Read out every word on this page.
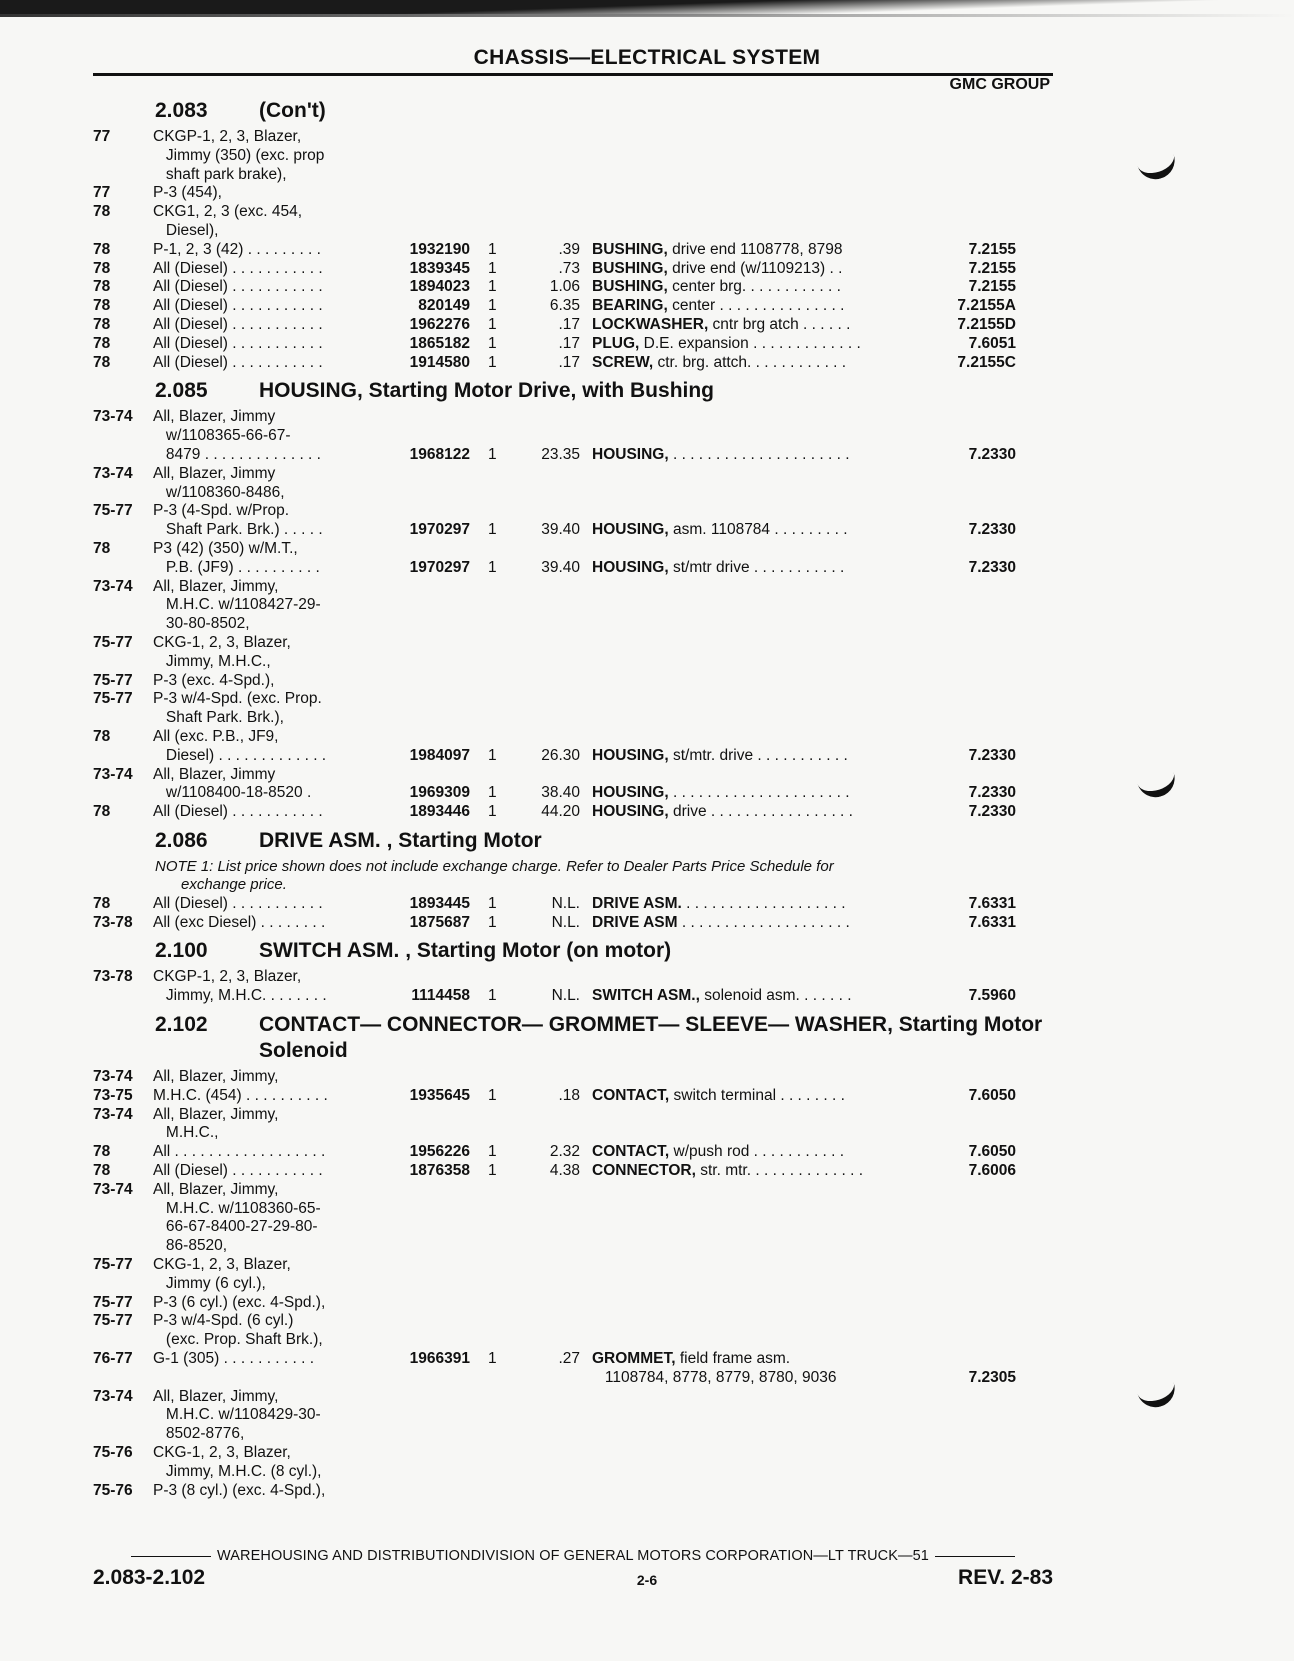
CHASSIS—ELECTRICAL SYSTEM
GMC GROUP
2.083	(Con't)
77	CKGP-1, 2, 3, Blazer,
Jimmy (350) (exc. prop
shaft park brake),
77	P-3 (454),
78	CKG1, 2, 3 (exc. 454,
Diesel),
78	P-1, 2, 3 (42) . . . . . . . . .	1932190	1	.39 BUSHING, drive end 1108778, 8798	7.2155
78	All (Diesel) . . . . . . . . . . .	1839345	1	.73 BUSHING, drive end (w/1109213) . .	7.2155
78	All (Diesel) . . . . . . . . . . .	1894023	1	1.06 BUSHING, center brg. . . . . . . . . . . .	7.2155
78	All (Diesel) . . . . . . . . . . .	820149	1	6.35 BEARING, center . . . . . . . . . . . . . . .	7.2155A
78	All (Diesel) . . . . . . . . . . .	1962276	1	.17 LOCKWASHER, cntr brg atch . . . . . .	7.2155D
78	All (Diesel) . . . . . . . . . . .	1865182	1	.17 PLUG, D.E. expansion . . . . . . . . . . . . .	7.6051
78	All (Diesel) . . . . . . . . . . .	1914580	1	.17 SCREW, ctr. brg. attch. . . . . . . . . . . .	7.2155C
2.085	HOUSING, Starting Motor Drive, with Bushing
73-74	All, Blazer, Jimmy
w/1108365-66-67-
8479 . . . . . . . . . . . . . .	1968122	1	23.35 HOUSING, . . . . . . . . . . . . . . . . . . . . .	7.2330
73-74	All, Blazer, Jimmy
w/1108360-8486,
75-77	P-3 (4-Spd. w/Prop.
Shaft Park. Brk.) . . . . .	1970297	1	39.40 HOUSING, asm. 1108784 . . . . . . . . .	7.2330
78	P3 (42) (350) w/M.T.,
P.B. (JF9) . . . . . . . . . .	1970297	1	39.40 HOUSING, st/mtr drive . . . . . . . . . . .	7.2330
73-74	All, Blazer, Jimmy,
M.H.C. w/1108427-29-
30-80-8502,
75-77	CKG-1, 2, 3, Blazer,
Jimmy, M.H.C.,
75-77	P-3 (exc. 4-Spd.),
75-77	P-3 w/4-Spd. (exc. Prop.
Shaft Park. Brk.),
78	All (exc. P.B., JF9,
Diesel) . . . . . . . . . . . . .	1984097	1	26.30 HOUSING, st/mtr. drive . . . . . . . . . . .	7.2330
73-74	All, Blazer, Jimmy
w/1108400-18-8520 .	1969309	1	38.40 HOUSING, . . . . . . . . . . . . . . . . . . . . .	7.2330
78	All (Diesel) . . . . . . . . . . .	1893446	1	44.20 HOUSING, drive . . . . . . . . . . . . . . . . .	7.2330
2.086	DRIVE ASM. , Starting Motor
NOTE 1: List price shown does not include exchange charge. Refer to Dealer Parts Price Schedule for
exchange price.
78	All (Diesel) . . . . . . . . . . .	1893445	1	N.L. DRIVE ASM. . . . . . . . . . . . . . . . . . . .	7.6331
73-78	All (exc Diesel) . . . . . . . .	1875687	1	N.L. DRIVE ASM . . . . . . . . . . . . . . . . . . . .	7.6331
2.100	SWITCH ASM. , Starting Motor (on motor)
73-78	CKGP-1, 2, 3, Blazer,
Jimmy, M.H.C. . . . . . . .	1114458	1	N.L. SWITCH ASM., solenoid asm. . . . . . .	7.5960
2.102	CONTACT— CONNECTOR— GROMMET— SLEEVE— WASHER, Starting Motor Solenoid
73-74	All, Blazer, Jimmy,
73-75	M.H.C. (454) . . . . . . . . . .	1935645	1	.18 CONTACT, switch terminal . . . . . . . .	7.6050
73-74	All, Blazer, Jimmy,
M.H.C.,
78	All . . . . . . . . . . . . . . . . . .	1956226	1	2.32 CONTACT, w/push rod . . . . . . . . . . .	7.6050
78	All (Diesel) . . . . . . . . . . .	1876358	1	4.38 CONNECTOR, str. mtr. . . . . . . . . . . . . .	7.6006
73-74	All, Blazer, Jimmy,
M.H.C. w/1108360-65-
66-67-8400-27-29-80-
86-8520,
75-77	CKG-1, 2, 3, Blazer,
Jimmy (6 cyl.),
75-77	P-3 (6 cyl.) (exc. 4-Spd.),
75-77	P-3 w/4-Spd. (6 cyl.)
(exc. Prop. Shaft Brk.),
76-77	G-1 (305) . . . . . . . . . . .	1966391	1	.27 GROMMET, field frame asm.
1108784, 8778, 8779, 8780, 9036	7.2305
73-74	All, Blazer, Jimmy,
M.H.C. w/1108429-30-
8502-8776,
75-76	CKG-1, 2, 3, Blazer,
Jimmy, M.H.C. (8 cyl.),
75-76	P-3 (8 cyl.) (exc. 4-Spd.),
WAREHOUSING AND DISTRIBUTIONDIVISION OF GENERAL MOTORS CORPORATION—LT TRUCK—51
2.083-2.102	2-6	REV. 2-83
